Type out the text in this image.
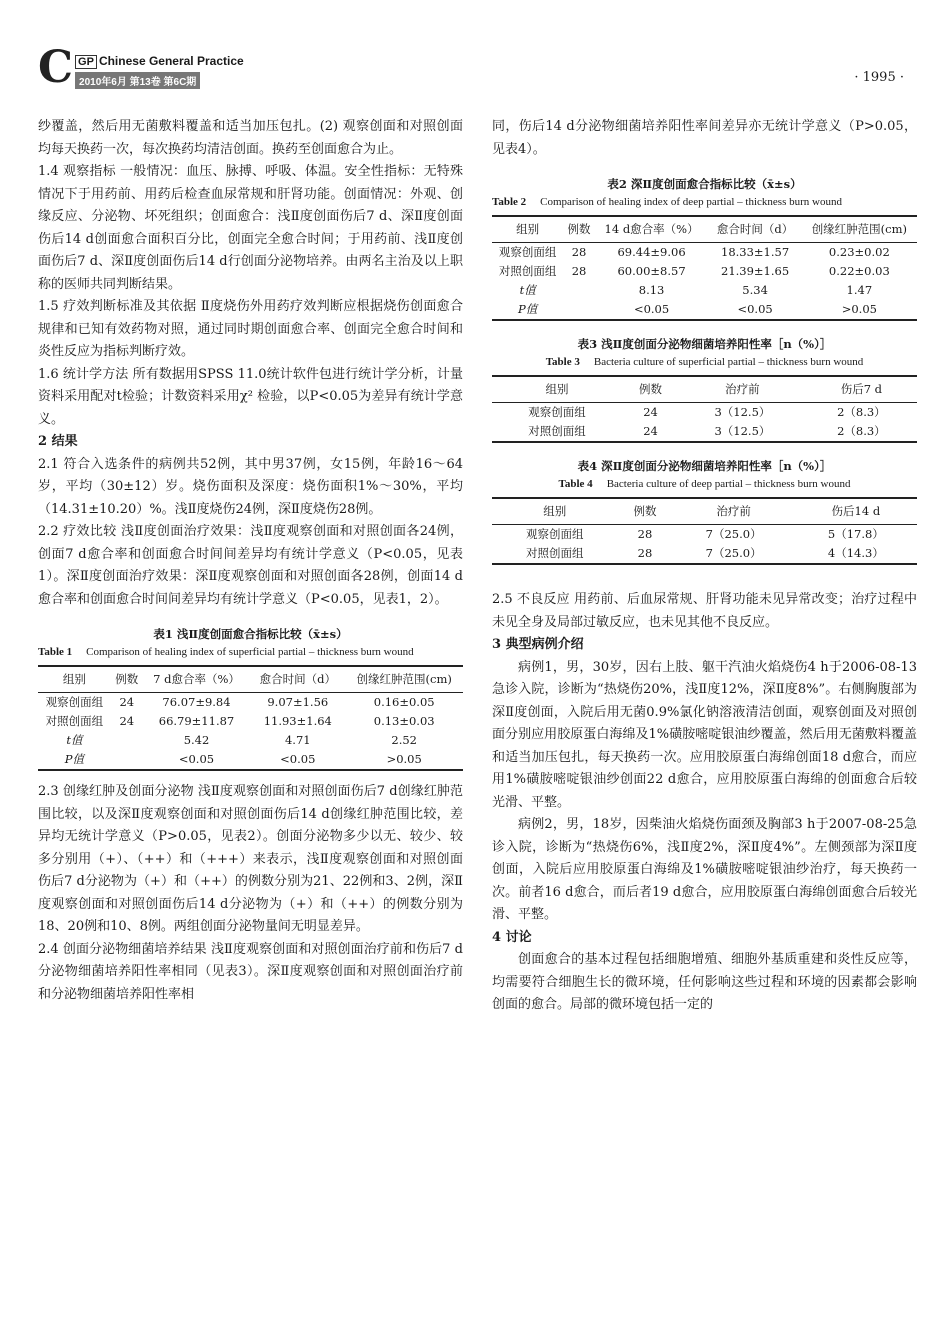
C GP Chinese General Practice
2010年6月 第13卷 第6C期	· 1995 ·

纱覆盖，然后用无菌敷料覆盖和适当加压包扎。(2) 观察创面和对照创面均每天换药一次，每次换药均清洁创面。换药至创面愈合为止。

1.4 观察指标 一般情况：血压、脉搏、呼吸、体温。安全性指标：无特殊情况下于用药前、用药后检查血尿常规和肝肾功能。创面情况：外观、创缘反应、分泌物、坏死组织；创面愈合：浅Ⅱ度创面伤后7 d、深Ⅱ度创面伤后14 d创面愈合面积百分比，创面完全愈合时间；于用药前、浅Ⅱ度创面伤后7 d、深Ⅱ度创面伤后14 d行创面分泌物培养。由两名主治及以上职称的医师共同判断结果。

1.5 疗效判断标准及其依据 Ⅱ度烧伤外用药疗效判断应根据烧伤创面愈合规律和已知有效药物对照，通过同时期创面愈合率、创面完全愈合时间和炎性反应为指标判断疗效。

1.6 统计学方法 所有数据用SPSS 11.0统计软件包进行统计学分析，计量资料采用配对t检验；计数资料采用χ² 检验，以P<0.05为差异有统计学意义。

2 结果

2.1 符合入选条件的病例共52例，其中男37例，女15例，年龄16～64岁，平均（30±12）岁。烧伤面积及深度：烧伤面积1%～30%，平均（14.31±10.20）%。浅Ⅱ度烧伤24例，深Ⅱ度烧伤28例。

2.2 疗效比较 浅Ⅱ度创面治疗效果：浅Ⅱ度观察创面和对照创面各24例，创面7 d愈合率和创面愈合时间间差异均有统计学意义（P<0.05，见表1）。深Ⅱ度创面治疗效果：深Ⅱ度观察创面和对照创面各28例，创面14 d愈合率和创面愈合时间间差异均有统计学意义（P<0.05，见表1，2）。

表1 浅Ⅱ度创面愈合指标比较（x̄±s）
Table 1 Comparison of healing index of superficial partial – thickness burn wound
组别	例数	7 d愈合率（%）	愈合时间（d）	创缘红肿范围(cm)
观察创面组	24	76.07±9.84	9.07±1.56	0.16±0.05
对照创面组	24	66.79±11.87	11.93±1.64	0.13±0.03
t值		5.42	4.71	2.52
P值		<0.05	<0.05	>0.05

2.3 创缘红肿及创面分泌物 浅Ⅱ度观察创面和对照创面伤后7 d创缘红肿范围比较，以及深Ⅱ度观察创面和对照创面伤后14 d创缘红肿范围比较，差异均无统计学意义（P>0.05，见表2）。创面分泌物多少以无、较少、较多分别用（+）、（++）和（+++）来表示，浅Ⅱ度观察创面和对照创面伤后7 d分泌物为（+）和（++）的例数分别为21、22例和3、2例，深Ⅱ度观察创面和对照创面伤后14 d分泌物为（+）和（++）的例数分别为18、20例和10、8例。两组创面分泌物量间无明显差异。

2.4 创面分泌物细菌培养结果 浅Ⅱ度观察创面和对照创面治疗前和伤后7 d分泌物细菌培养阳性率相同（见表3）。深Ⅱ度观察创面和对照创面治疗前和分泌物细菌培养阳性率相

同，伤后14 d分泌物细菌培养阳性率间差异亦无统计学意义（P>0.05，见表4）。

表2 深Ⅱ度创面愈合指标比较（x̄±s）
Table 2 Comparison of healing index of deep partial – thickness burn wound
组别	例数	14 d愈合率（%）	愈合时间（d）	创缘红肿范围(cm)
观察创面组	28	69.44±9.06	18.33±1.57	0.23±0.02
对照创面组	28	60.00±8.57	21.39±1.65	0.22±0.03
t值		8.13	5.34	1.47
P值		<0.05	<0.05	>0.05
表3 浅Ⅱ度创面分泌物细菌培养阳性率［n（%）］
Table 3 Bacteria culture of superficial partial – thickness burn wound
组别	例数	治疗前	伤后7 d
观察创面组	24	3（12.5）	2（8.3）
对照创面组	24	3（12.5）	2（8.3）
表4 深Ⅱ度创面分泌物细菌培养阳性率［n（%）］
Table 4 Bacteria culture of deep partial – thickness burn wound
组别	例数	治疗前	伤后14 d
观察创面组	28	7（25.0）	5（17.8）
对照创面组	28	7（25.0）	4（14.3）

2.5 不良反应 用药前、后血尿常规、肝肾功能未见异常改变；治疗过程中未见全身及局部过敏反应，也未见其他不良反应。

3 典型病例介绍

病例1，男，30岁，因右上肢、躯干汽油火焰烧伤4 h于2006-08-13急诊入院，诊断为“热烧伤20%，浅Ⅱ度12%，深Ⅱ度8%”。右侧胸腹部为深Ⅱ度创面，入院后用无菌0.9%氯化钠溶液清洁创面，观察创面及对照创面分别应用胶原蛋白海绵及1%磺胺嘧啶银油纱覆盖，然后用无菌敷料覆盖和适当加压包扎，每天换药一次。应用胶原蛋白海绵创面18 d愈合，而应用1%磺胺嘧啶银油纱创面22 d愈合，应用胶原蛋白海绵的创面愈合后较光滑、平整。

病例2，男，18岁，因柴油火焰烧伤面颈及胸部3 h于2007-08-25急诊入院，诊断为“热烧伤6%，浅Ⅱ度2%，深Ⅱ度4%”。左侧颈部为深Ⅱ度创面，入院后应用胶原蛋白海绵及1%磺胺嘧啶银油纱治疗，每天换药一次。前者16 d愈合，而后者19 d愈合，应用胶原蛋白海绵创面愈合后较光滑、平整。

4 讨论

创面愈合的基本过程包括细胞增殖、细胞外基质重建和炎性反应等，均需要符合细胞生长的微环境，任何影响这些过程和环境的因素都会影响创面的愈合。局部的微环境包括一定的
